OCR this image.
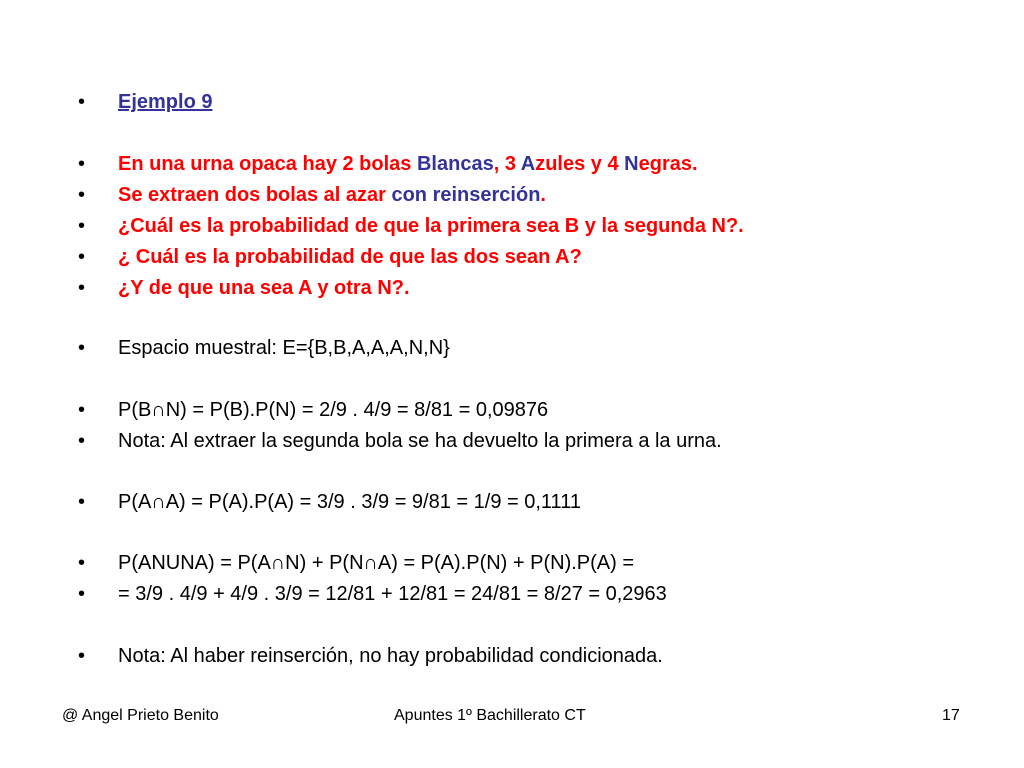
• Ejemplo 9
• En una urna opaca hay 2 bolas Blancas, 3 Azules y 4 Negras.
• Se extraen dos bolas al azar con reinserción.
• ¿Cuál es la probabilidad de que la primera sea B y la segunda N?.
• ¿ Cuál es la probabilidad de que las dos sean A?
• ¿Y de que una sea A y otra N?.
• Espacio muestral: E={B,B,A,A,A,N,N}
• P(B∩N) = P(B).P(N) = 2/9 . 4/9 = 8/81 = 0,09876
• Nota: Al extraer la segunda bola se ha devuelto la primera a la urna.
• P(A∩A) = P(A).P(A) = 3/9 . 3/9 = 9/81 = 1/9 = 0,1111
• P(ANUNA) = P(A∩N) + P(N∩A) = P(A).P(N) + P(N).P(A) =
• = 3/9 . 4/9 + 4/9 . 3/9 = 12/81 + 12/81 = 24/81 = 8/27 = 0,2963
• Nota: Al haber reinserción, no hay probabilidad condicionada.
@ Angel Prieto Benito	Apuntes 1º Bachillerato CT	17
